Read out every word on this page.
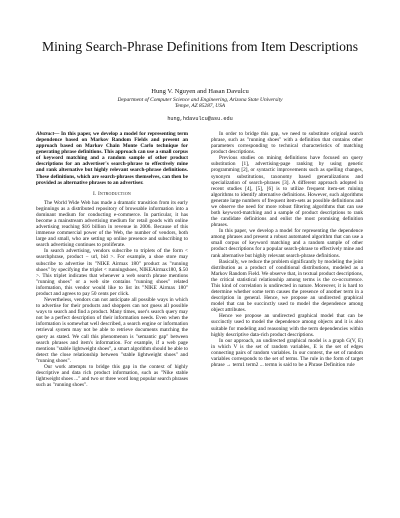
Mining Search-Phrase Definitions from Item Descriptions
Hung V. Nguyen and Hasan Davulcu
Department of Computer Science and Engineering, Arizona State University
Tempe, AZ 85287, USA
hung,hdavulcu@asu.edu

Abstract— In this paper, we develop a model for representing term dependence based on Markov Random Fields and present an approach based on Markov Chain Monte Carlo technique for generating phrase definitions. This approach can use a small corpus of keyword matching and a random sample of other product descriptions for an advertiser's search-phrase to effectively mine and rank alternative but highly relevant search-phrase definitions. These definitions, which are search-phrases themselves, can then be provided as alternative phrases to an advertiser.

I. Introduction

The World Wide Web has made a dramatic transition from its early beginnings as a distributed repository of browsable information into a dominant medium for conducting e-commerce. In particular, it has become a mainstream advertising medium for retail goods with online advertising reaching $16 billion in revenue in 2006. Because of this immense commercial power of the Web, the number of vendors, both large and small, who are setting up online presence and subscribing to search advertising continues to proliferate.

In search advertising, vendors subscribe to triplets of the form < searchphrase, product − url, bid >. For example, a shoe store may subscribe to advertise its "NIKE Airmax 180" product as "running shoes" by specifying the triplet < runningshoes, NIKEAirmax180, $.50 >. This triplet indicates that whenever a web search phrase mentions "running shoes" or a web site contains "running shoes" related information, this vendor would like to list its "NIKE Airmax 180" product and agrees to pay 50 cents per click.

Nevertheless, vendors can not anticipate all possible ways in which to advertise for their products and shoppers can not guess all possible ways to search and find a product. Many times, user's search query may not be a perfect description of their information needs. Even when the information is somewhat well described, a search engine or information retrieval system may not be able to retrieve documents matching the query as stated. We call this phenomenon is "semantic gap" between search phrases and item's information. For example, if a web page mentions "stable lightweight shoes", a smart algorithm should be able to detect the close relationship between "stable lightweight shoes" and "running shoes".

Our work attempts to bridge this gap in the context of highly descriptive and data rich product information, such as "Nike stable lightweight shoes ..." and two or three word long popular search phrases such as "running shoes".

In order to bridge this gap, we need to substitute original search phrase, such as "running shoes" with a definition that contains other parameters corresponding to technical characteristics of matching product descriptions.

Previous studies on mining definitions have focused on query substitution [1], advertising-page ranking by using genetic programming [2], or syntactic improvements such as spelling changes, synonym substitutions, taxonomy based generalizations and specialization of search-phrases [3]. A different approach adopted in recent studies [4], [5], [6] is to utilize frequent item-set mining algorithms to identify alternative definitions. However, such algorithms generate large numbers of frequent item-sets as possible definitions and we observe the need for more robust filtering algorithms that can use both keyword-matching and a sample of product descriptions to rank the candidate definitions and enlist the most promising definition phrases.

In this paper, we develop a model for representing the dependence among phrases and present a robust automated algorithm that can use a small corpus of keyword matching and a random sample of other product descriptions for a popular search-phrase to effectively mine and rank alternative but highly relevant search-phrase definitions.

Basically, we reduce the problem significantly by modeling the joint distribution as a product of conditional distributions, modeled as a Markov Random Field. We observe that, in textual product descriptions, the critical statistical relationship among terms is the co-occurrence. This kind of correlation is undirected in nature. Moreover, it is hard to determine whether some term causes the presence of another term in a description in general. Hence, we propose an undirected graphical model that can be succinctly used to model the dependence among object attributes.

Hence we propose an undirected graphical model that can be succinctly used to model the dependence among objects and it is also suitable for modeling and reasoning with the term dependencies within highly descriptive data-rich product descriptions.

In our approach, an undirected graphical model is a graph G(V, E) in which V is the set of random variables, E is the set of edges connecting pairs of random variables. In our context, the set of random variables corresponds to the set of terms. The rule in the form of target phrase → term1 term2 ... termn is said to be a Phrase Definition rule
